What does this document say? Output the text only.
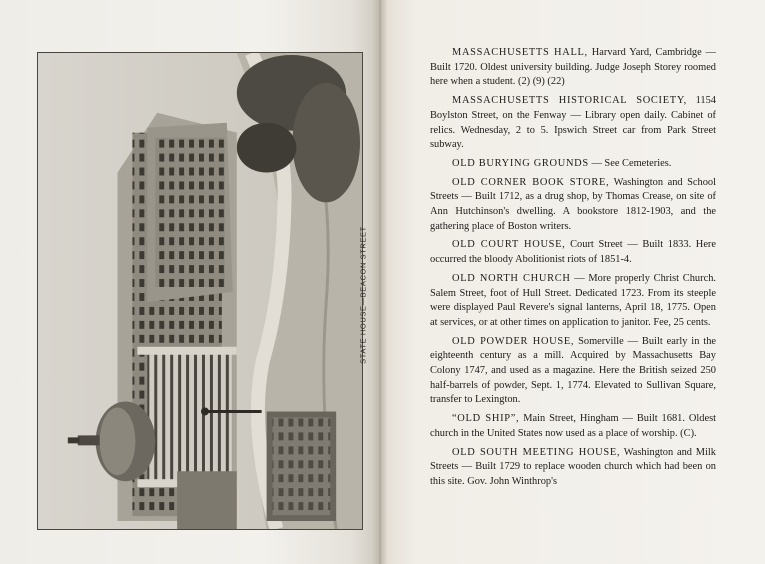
STATE HOUSE—BEACON STREET

MASSACHUSETTS HALL, Harvard Yard, Cambridge — Built 1720. Oldest university building. Judge Joseph Storey roomed here when a student. (2) (9) (22)

MASSACHUSETTS HISTORICAL SOCIETY, 1154 Boylston Street, on the Fenway — Library open daily. Cabinet of relics. Wednesday, 2 to 5. Ipswich Street car from Park Street subway.

OLD BURYING GROUNDS — See Cemeteries.

OLD CORNER BOOK STORE, Washington and School Streets — Built 1712, as a drug shop, by Thomas Crease, on site of Ann Hutchinson's dwelling. A bookstore 1812-1903, and the gathering place of Boston writers.

OLD COURT HOUSE, Court Street — Built 1833. Here occurred the bloody Abolitionist riots of 1851-4.

OLD NORTH CHURCH — More properly Christ Church. Salem Street, foot of Hull Street. Dedicated 1723. From its steeple were displayed Paul Revere's signal lanterns, April 18, 1775. Open at services, or at other times on application to janitor. Fee, 25 cents.

OLD POWDER HOUSE, Somerville — Built early in the eighteenth century as a mill. Acquired by Massachusetts Bay Colony 1747, and used as a magazine. Here the British seized 250 half-barrels of powder, Sept. 1, 1774. Elevated to Sullivan Square, transfer to Lexington.

“OLD SHIP”, Main Street, Hingham — Built 1681. Oldest church in the United States now used as a place of worship. (C).

OLD SOUTH MEETING HOUSE, Washington and Milk Streets — Built 1729 to replace wooden church which had been on this site. Gov. John Winthrop's
